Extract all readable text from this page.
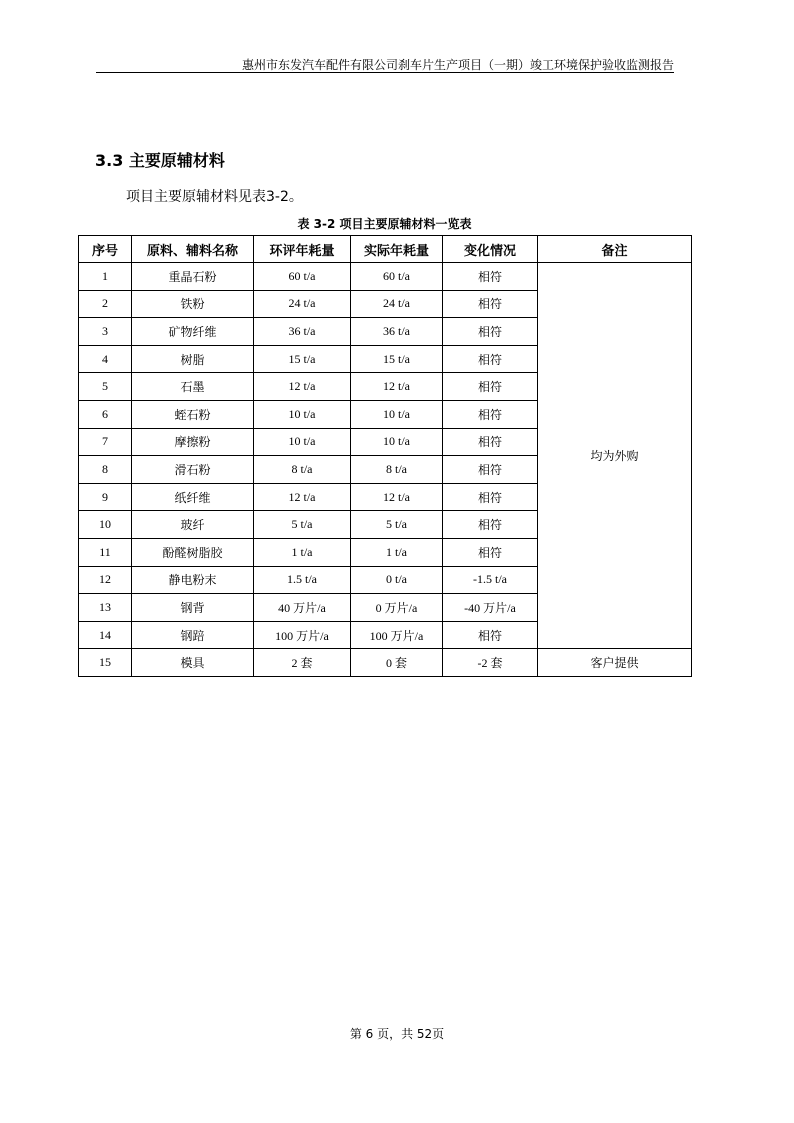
惠州市东发汽车配件有限公司刹车片生产项目（一期）竣工环境保护验收监测报告
3.3 主要原辅材料
项目主要原辅材料见表3-2。
表 3-2 项目主要原辅材料一览表
序号	原料、辅料名称	环评年耗量	实际年耗量	变化情况	备注
1	重晶石粉	60 t/a	60 t/a	相符	均为外购
2	铁粉	24 t/a	24 t/a	相符	
3	矿物纤维	36 t/a	36 t/a	相符	
4	树脂	15 t/a	15 t/a	相符	
5	石墨	12 t/a	12 t/a	相符	
6	蛭石粉	10 t/a	10 t/a	相符	
7	摩擦粉	10 t/a	10 t/a	相符	
8	滑石粉	8 t/a	8 t/a	相符	
9	纸纤维	12 t/a	12 t/a	相符	
10	玻纤	5 t/a	5 t/a	相符	
11	酚醛树脂胶	1 t/a	1 t/a	相符	
12	静电粉末	1.5 t/a	0 t/a	-1.5 t/a	
13	钢背	40 万片/a	0 万片/a	-40 万片/a	
14	钢踣	100 万片/a	100 万片/a	相符	
15	模具	2 套	0 套	-2 套	客户提供
第 6 页，共 52页
